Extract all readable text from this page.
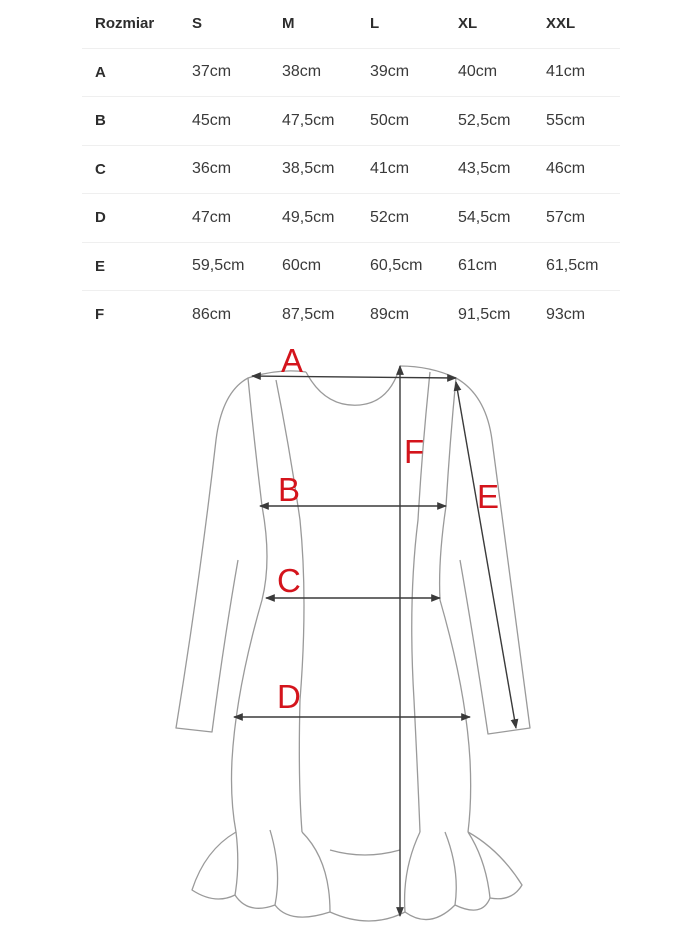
Rozmiar	S	M	L	XL	XXL
A	37cm	38cm	39cm	40cm	41cm
B	45cm	47,5cm	50cm	52,5cm	55cm
C	36cm	38,5cm	41cm	43,5cm	46cm
D	47cm	49,5cm	52cm	54,5cm	57cm
E	59,5cm	60cm	60,5cm	61cm	61,5cm
F	86cm	87,5cm	89cm	91,5cm	93cm
A
B
C
D
E
F
